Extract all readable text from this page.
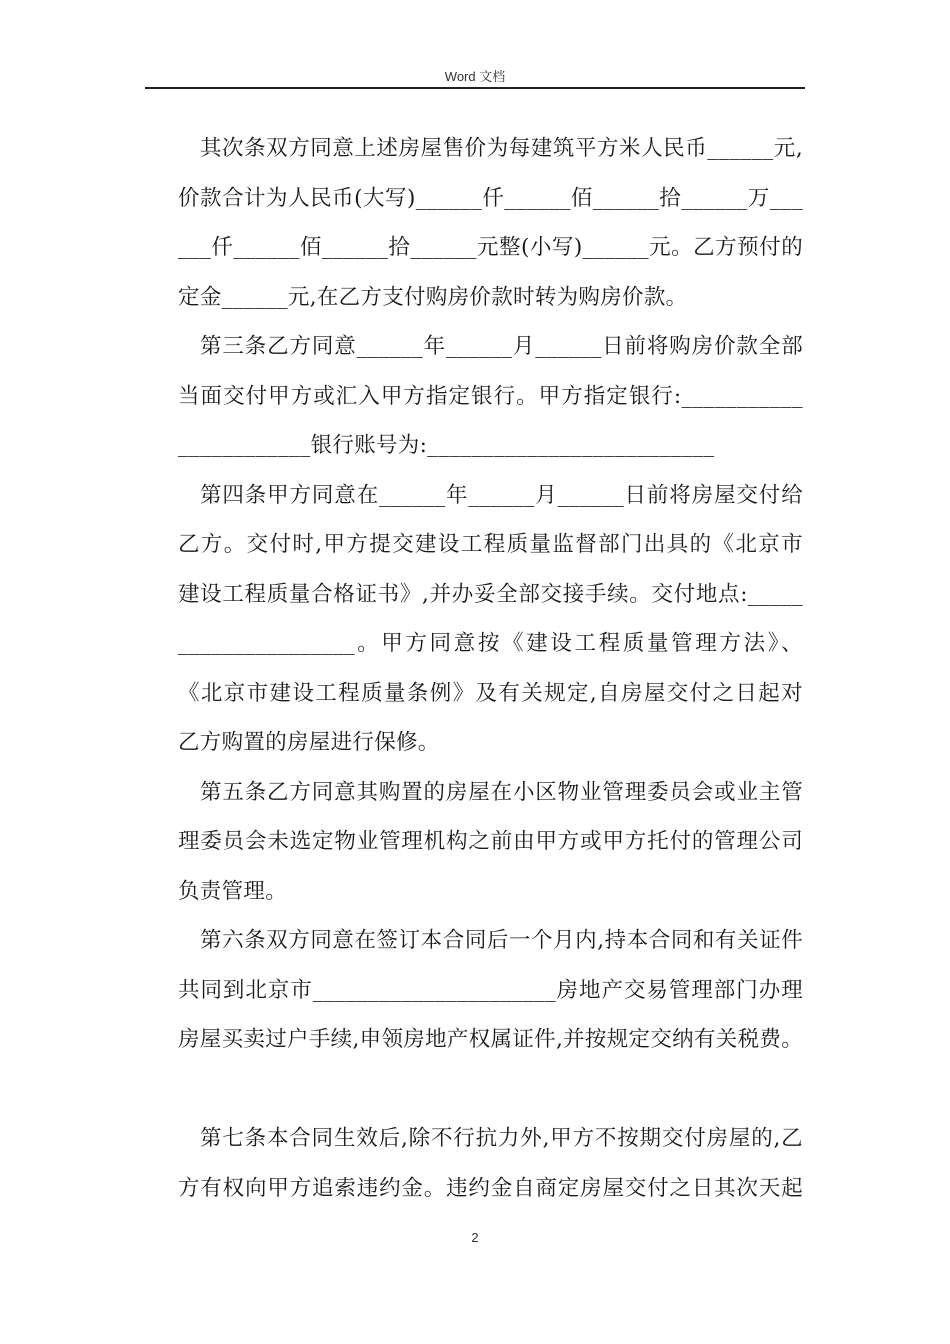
Word 文档
其次条双方同意上述房屋售价为每建筑平方米人民币______元,
价款合计为人民币(大写)______仟______佰______拾______万___
___仟______佰______拾______元整(小写)______元。乙方预付的
定金______元,在乙方支付购房价款时转为购房价款。
第三条乙方同意______年______月______日前将购房价款全部
当面交付甲方或汇入甲方指定银行。甲方指定银行:___________
____________银行账号为:__________________________
第四条甲方同意在______年______月______日前将房屋交付给
乙方。交付时,甲方提交建设工程质量监督部门出具的《北京市
建设工程质量合格证书》,并办妥全部交接手续。交付地点:_____
________________。甲方同意按《建设工程质量管理方法》、
《北京市建设工程质量条例》及有关规定,自房屋交付之日起对
乙方购置的房屋进行保修。
第五条乙方同意其购置的房屋在小区物业管理委员会或业主管
理委员会未选定物业管理机构之前由甲方或甲方托付的管理公司
负责管理。
第六条双方同意在签订本合同后一个月内,持本合同和有关证件
共同到北京市______________________房地产交易管理部门办理
房屋买卖过户手续,申领房地产权属证件,并按规定交纳有关税费。
第七条本合同生效后,除不行抗力外,甲方不按期交付房屋的,乙
方有权向甲方追索违约金。违约金自商定房屋交付之日其次天起
2
